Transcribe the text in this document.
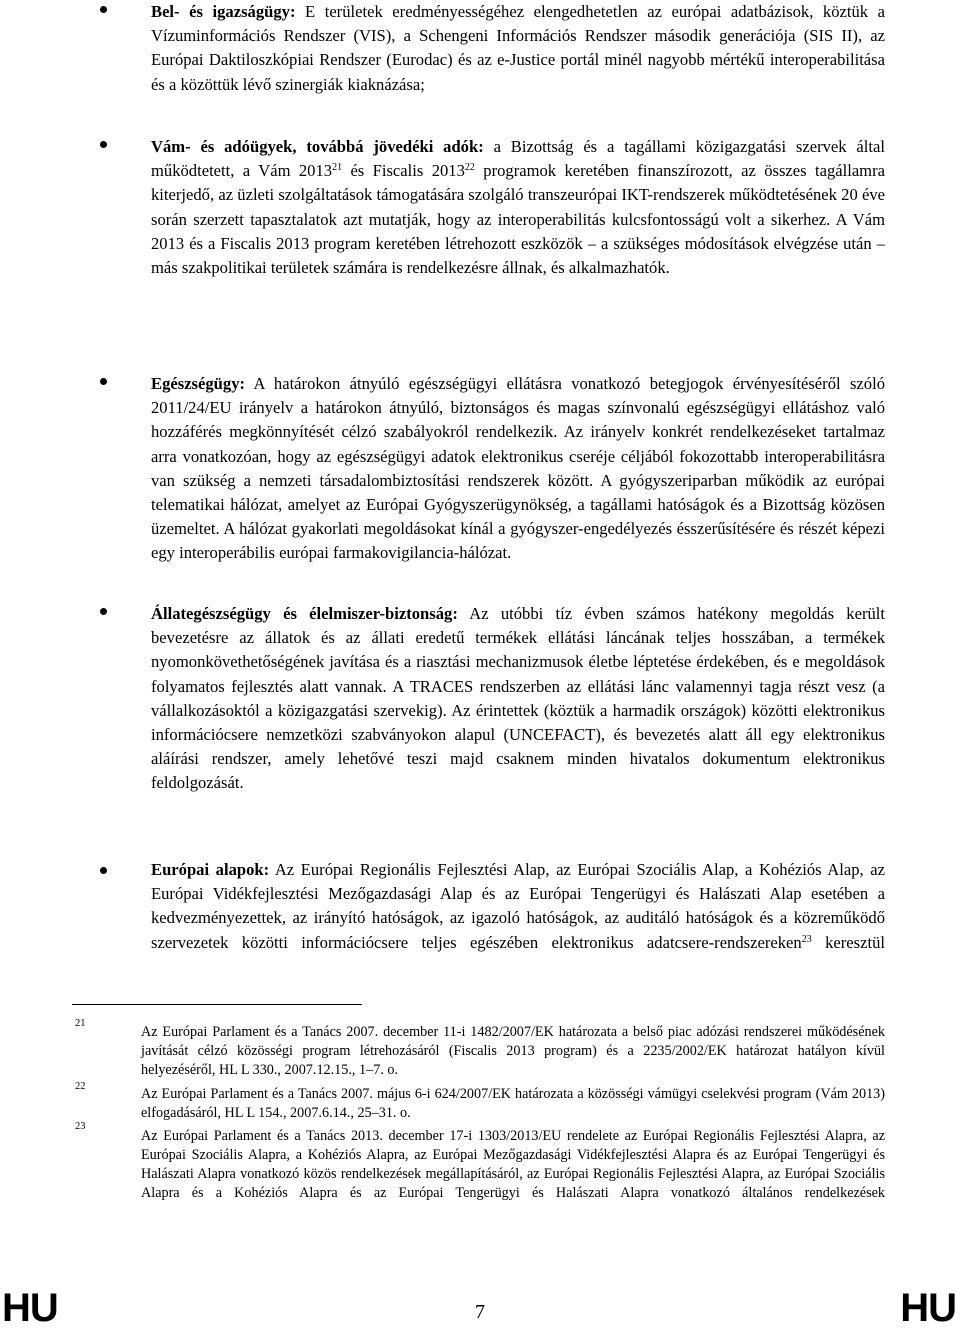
Bel- és igazságügy: E területek eredményességéhez elengedhetetlen az európai adatbázisok, köztük a Vízuminformációs Rendszer (VIS), a Schengeni Információs Rendszer második generációja (SIS II), az Európai Daktiloszkópiai Rendszer (Eurodac) és az e-Justice portál minél nagyobb mértékű interoperabilitása és a közöttük lévő szinergiák kiaknázása;
Vám- és adóügyek, továbbá jövedéki adók: a Bizottság és a tagállami közigazgatási szervek által működtetett, a Vám 2013$^{21}$ és Fiscalis 2013$^{22}$ programok keretében finanszírozott, az összes tagállamra kiterjedő, az üzleti szolgáltatások támogatására szolgáló transzeurópai IKT-rendszerek működtetésének 20 éve során szerzett tapasztalatok azt mutatják, hogy az interoperabilitás kulcsfontosságú volt a sikerhez. A Vám 2013 és a Fiscalis 2013 program keretében létrehozott eszközök – a szükséges módosítások elvégzése után – más szakpolitikai területek számára is rendelkezésre állnak, és alkalmazhatók.
Egészségügy: A határokon átnyúló egészségügyi ellátásra vonatkozó betegjogok érvényesítéséről szóló 2011/24/EU irányelv a határokon átnyúló, biztonságos és magas színvonalú egészségügyi ellátáshoz való hozzáférés megkönnyítését célzó szabályokról rendelkezik. Az irányelv konkrét rendelkezéseket tartalmaz arra vonatkozóan, hogy az egészségügyi adatok elektronikus cseréje céljából fokozottabb interoperabilitásra van szükség a nemzeti társadalombiztosítási rendszerek között. A gyógyszeriparban működik az európai telematikai hálózat, amelyet az Európai Gyógyszerügynökség, a tagállami hatóságok és a Bizottság közösen üzemeltet. A hálózat gyakorlati megoldásokat kínál a gyógyszer-engedélyezés ésszerűsítésére és részét képezi egy interoperábilis európai farmakovigilancia-hálózat.
Állategészségügy és élelmiszer-biztonság: Az utóbbi tíz évben számos hatékony megoldás került bevezetésre az állatok és az állati eredetű termékek ellátási láncának teljes hosszában, a termékek nyomonkövethetőségének javítása és a riasztási mechanizmusok életbe léptetése érdekében, és e megoldások folyamatos fejlesztés alatt vannak. A TRACES rendszerben az ellátási lánc valamennyi tagja részt vesz (a vállalkozásoktól a közigazgatási szervekig). Az érintettek (köztük a harmadik országok) közötti elektronikus információcsere nemzetközi szabványokon alapul (UNCEFACT), és bevezetés alatt áll egy elektronikus aláírási rendszer, amely lehetővé teszi majd csaknem minden hivatalos dokumentum elektronikus feldolgozását.
Európai alapok: Az Európai Regionális Fejlesztési Alap, az Európai Szociális Alap, a Kohéziós Alap, az Európai Vidékfejlesztési Mezőgazdasági Alap és az Európai Tengerügyi és Halászati Alap esetében a kedvezményezettek, az irányító hatóságok, az igazoló hatóságok, az auditáló hatóságok és a közreműködő szervezetek közötti információcsere teljes egészében elektronikus adatcsere-rendszereken$^{23}$ keresztül
21
Az Európai Parlament és a Tanács 2007. december 11-i 1482/2007/EK határozata a belső piac adózási rendszerei működésének javítását célzó közösségi program létrehozásáról (Fiscalis 2013 program) és a 2235/2002/EK határozat hatályon kívül helyezéséről, HL L 330., 2007.12.15., 1–7. o.
22	Az Európai Parlament és a Tanács 2007. május 6-i 624/2007/EK határozata a közösségi vámügyi cselekvési program (Vám 2013) elfogadásáról, HL L 154., 2007.6.14., 25–31. o.
23
Az Európai Parlament és a Tanács 2013. december 17-i 1303/2013/EU rendelete az Európai Regionális Fejlesztési Alapra, az Európai Szociális Alapra, a Kohéziós Alapra, az Európai Mezőgazdasági Vidékfejlesztési Alapra és az Európai Tengerügyi és Halászati Alapra vonatkozó közös rendelkezések megállapításáról, az Európai Regionális Fejlesztési Alapra, az Európai Szociális Alapra és a Kohéziós Alapra és az Európai Tengerügyi és Halászati Alapra vonatkozó általános rendelkezések
HU	7	HU
